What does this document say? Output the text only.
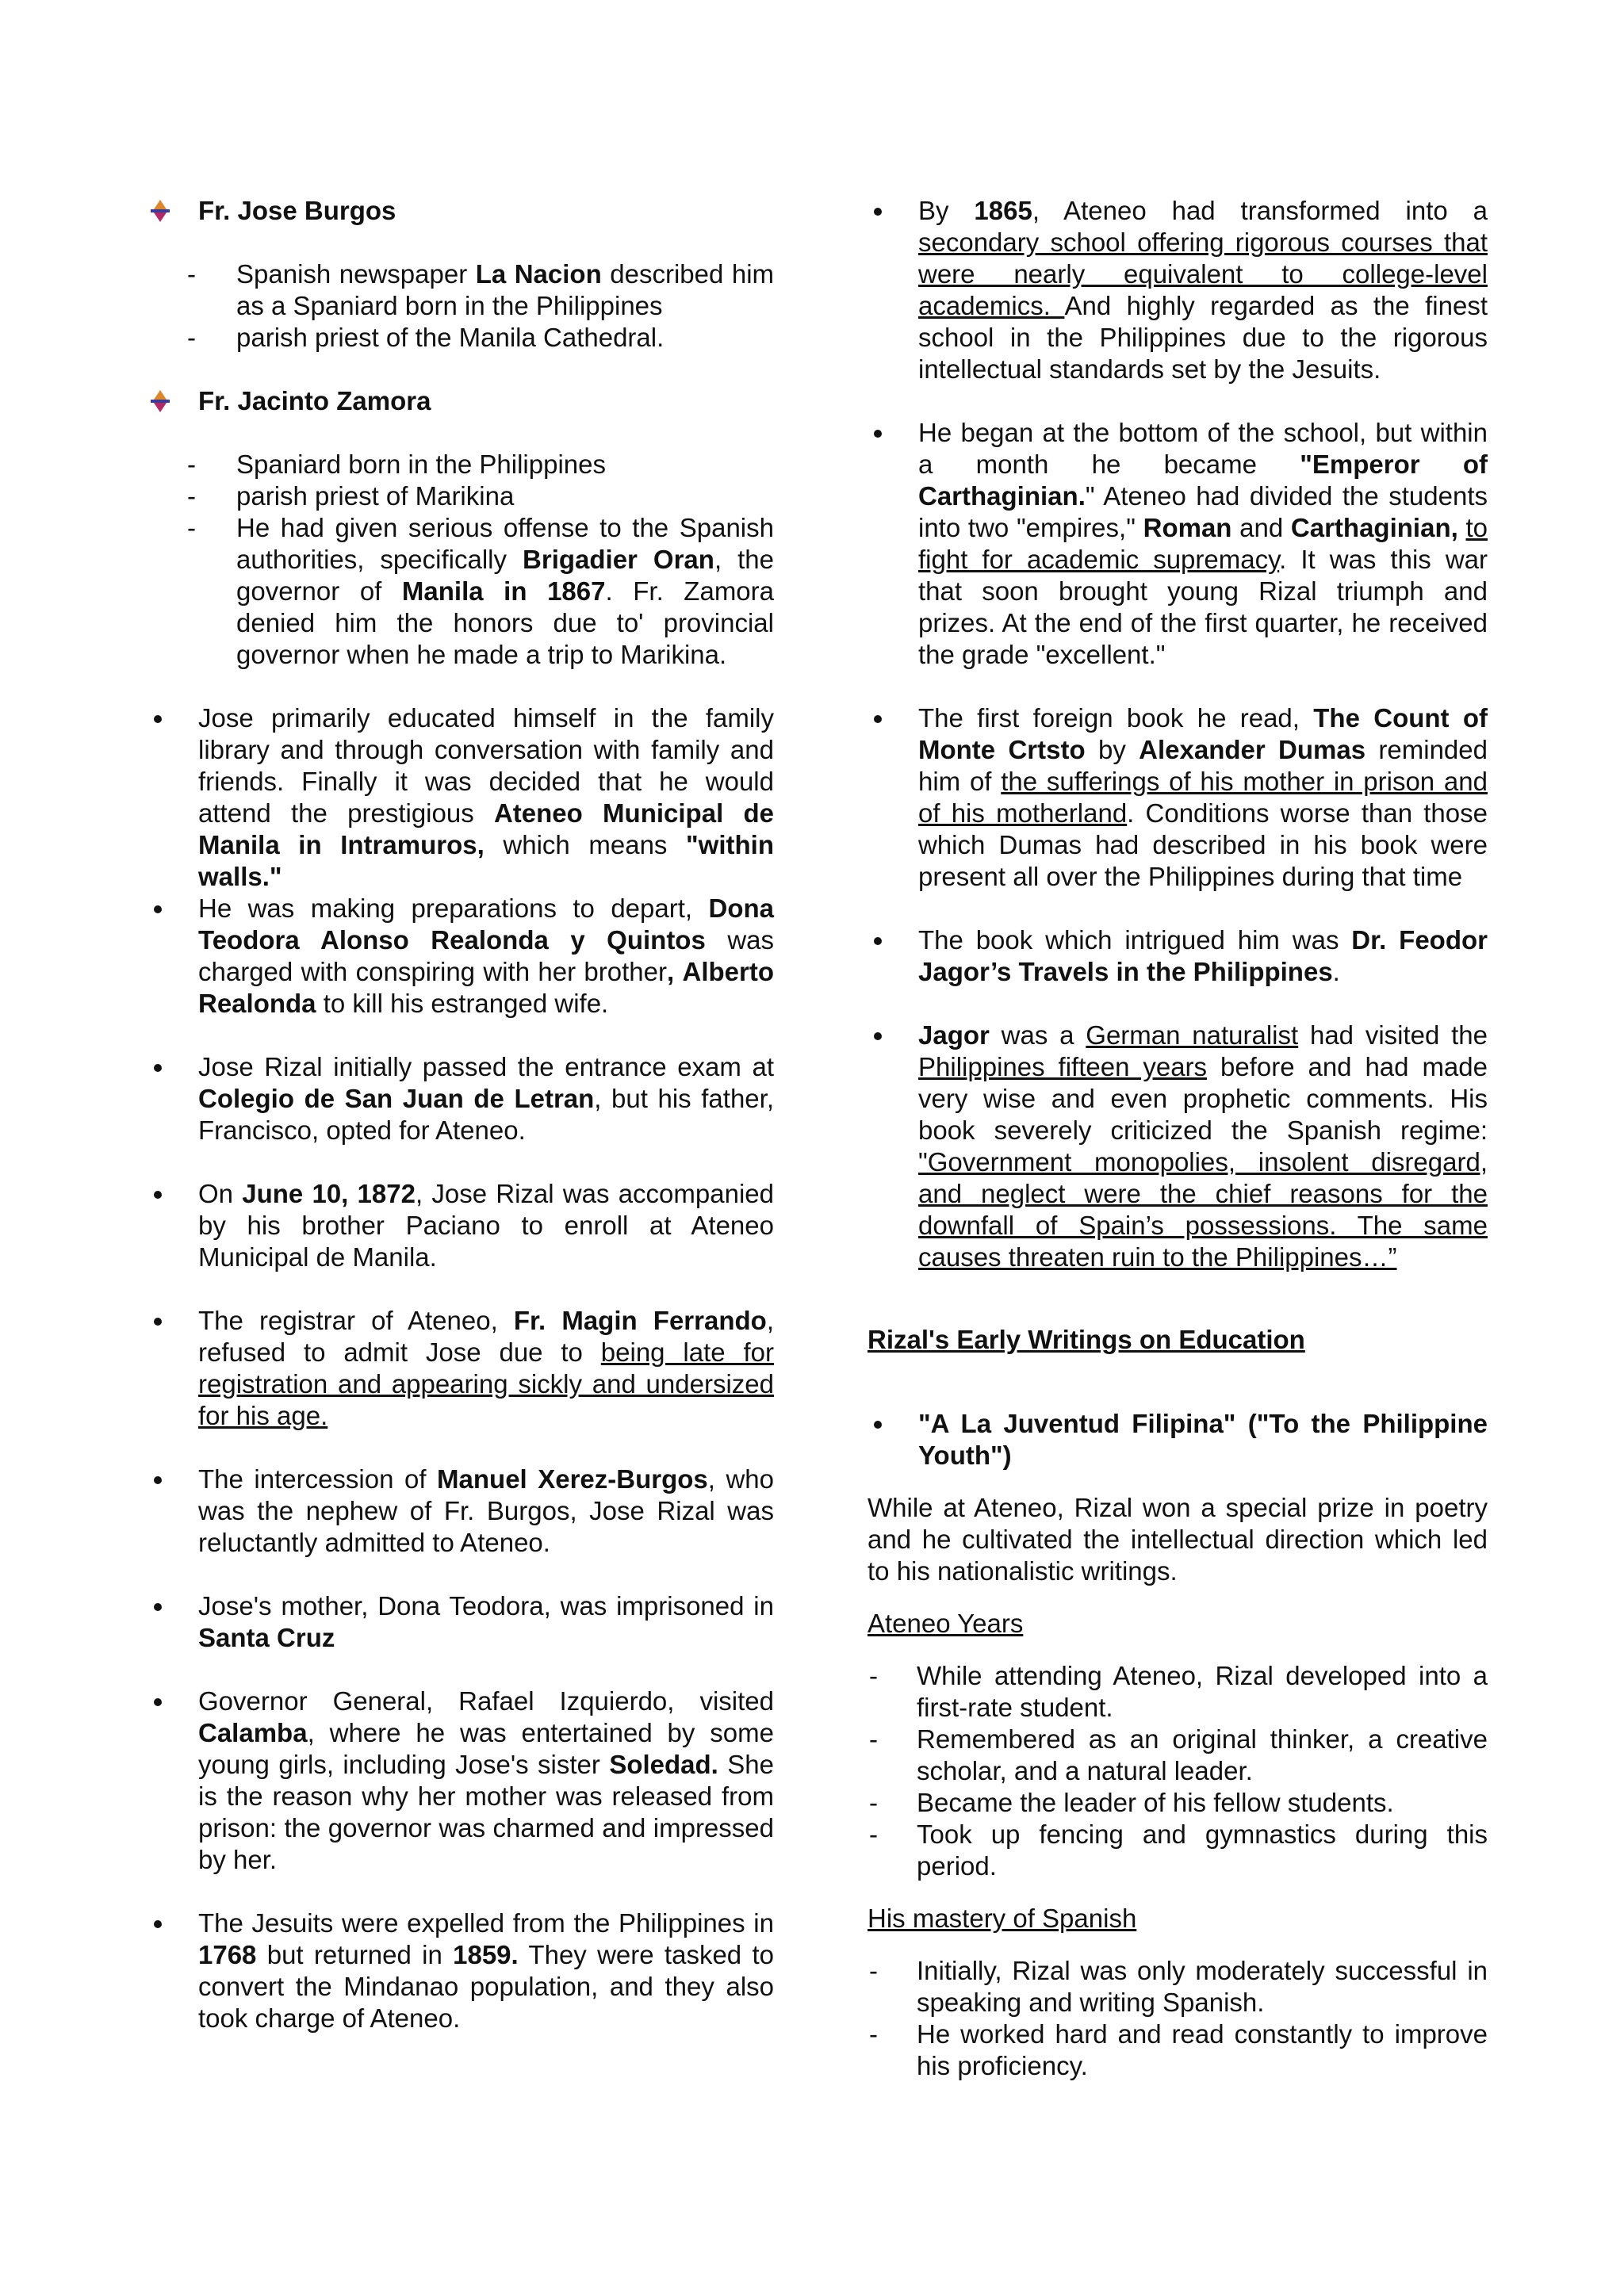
Fr. Jose Burgos
- Spanish newspaper La Nacion described him as a Spaniard born in the Philippines
- parish priest of the Manila Cathedral.
Fr. Jacinto Zamora
- Spaniard born in the Philippines
- parish priest of Marikina
- He had given serious offense to the Spanish authorities, specifically Brigadier Oran, the governor of Manila in 1867. Fr. Zamora denied him the honors due to' provincial governor when he made a trip to Marikina.
Jose primarily educated himself in the family library and through conversation with family and friends. Finally it was decided that he would attend the prestigious Ateneo Municipal de Manila in Intramuros, which means "within walls."
He was making preparations to depart, Dona Teodora Alonso Realonda y Quintos was charged with conspiring with her brother, Alberto Realonda to kill his estranged wife.
Jose Rizal initially passed the entrance exam at Colegio de San Juan de Letran, but his father, Francisco, opted for Ateneo.
On June 10, 1872, Jose Rizal was accompanied by his brother Paciano to enroll at Ateneo Municipal de Manila.
The registrar of Ateneo, Fr. Magin Ferrando, refused to admit Jose due to being late for registration and appearing sickly and undersized for his age.
The intercession of Manuel Xerez-Burgos, who was the nephew of Fr. Burgos, Jose Rizal was reluctantly admitted to Ateneo.
Jose's mother, Dona Teodora, was imprisoned in Santa Cruz
Governor General, Rafael Izquierdo, visited Calamba, where he was entertained by some young girls, including Jose's sister Soledad. She is the reason why her mother was released from prison: the governor was charmed and impressed by her.
The Jesuits were expelled from the Philippines in 1768 but returned in 1859. They were tasked to convert the Mindanao population, and they also took charge of Ateneo.
By 1865, Ateneo had transformed into a secondary school offering rigorous courses that were nearly equivalent to college-level academics. And highly regarded as the finest school in the Philippines due to the rigorous intellectual standards set by the Jesuits.
He began at the bottom of the school, but within a month he became "Emperor of Carthaginian." Ateneo had divided the students into two "empires," Roman and Carthaginian, to fight for academic supremacy. It was this war that soon brought young Rizal triumph and prizes. At the end of the first quarter, he received the grade "excellent."
The first foreign book he read, The Count of Monte Crtsto by Alexander Dumas reminded him of the sufferings of his mother in prison and of his motherland. Conditions worse than those which Dumas had described in his book were present all over the Philippines during that time
The book which intrigued him was Dr. Feodor Jagor’s Travels in the Philippines.
Jagor was a German naturalist had visited the Philippines fifteen years before and had made very wise and even prophetic comments. His book severely criticized the Spanish regime: "Government monopolies, insolent disregard, and neglect were the chief reasons for the downfall of Spain’s possessions. The same causes threaten ruin to the Philippines…”
Rizal's Early Writings on Education
"A La Juventud Filipina" ("To the Philippine Youth")
While at Ateneo, Rizal won a special prize in poetry and he cultivated the intellectual direction which led to his nationalistic writings.
Ateneo Years
- While attending Ateneo, Rizal developed into a first-rate student.
- Remembered as an original thinker, a creative scholar, and a natural leader.
- Became the leader of his fellow students.
- Took up fencing and gymnastics during this period.
His mastery of Spanish
- Initially, Rizal was only moderately successful in speaking and writing Spanish.
- He worked hard and read constantly to improve his proficiency.
